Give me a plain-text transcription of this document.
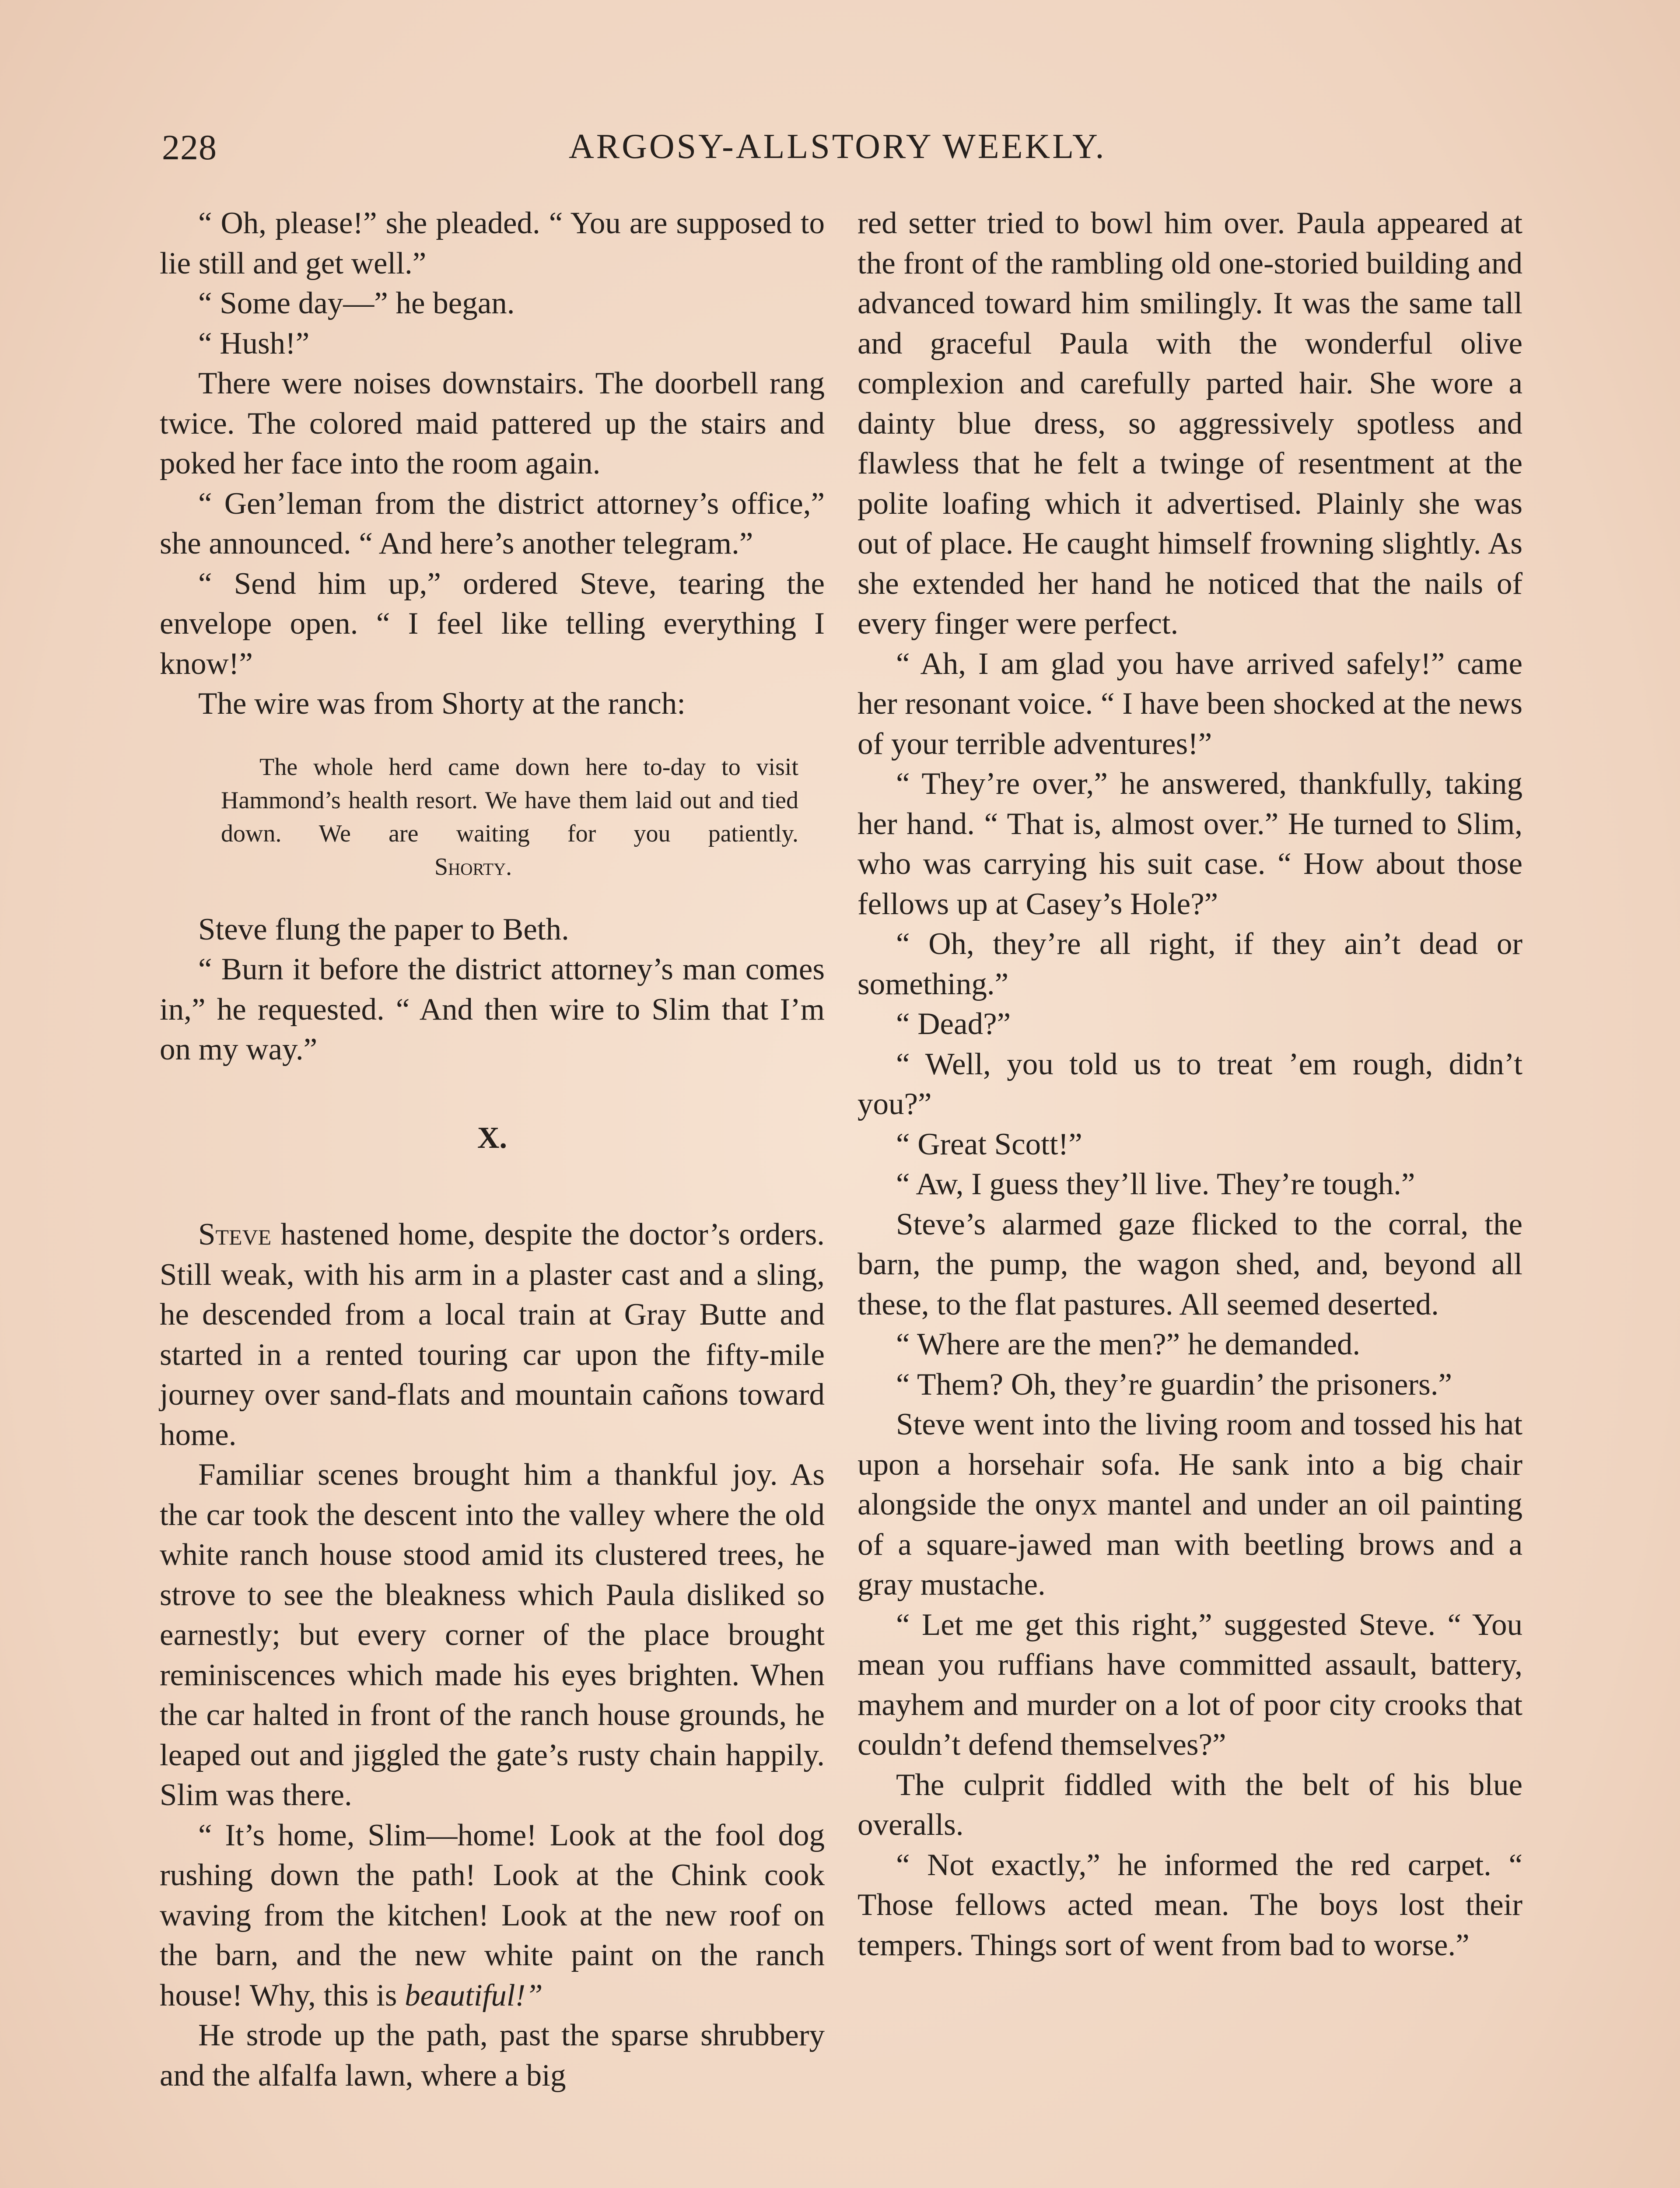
228	ARGOSY-ALLSTORY WEEKLY.

“ Oh, please!” she pleaded. “ You are supposed to lie still and get well.”

“ Some day—” he began.

“ Hush!”

There were noises downstairs. The doorbell rang twice. The colored maid pattered up the stairs and poked her face into the room again.

“ Gen’leman from the district attorney’s office,” she announced. “ And here’s another telegram.”

“ Send him up,” ordered Steve, tearing the envelope open. “ I feel like telling everything I know!”

The wire was from Shorty at the ranch:

The whole herd came down here to-day to visit Hammond’s health resort. We have them laid out and tied down. We are waiting for you patiently.Shorty.

Steve flung the paper to Beth.

“ Burn it before the district attorney’s man comes in,” he requested. “ And then wire to Slim that I’m on my way.”

X.

Steve hastened home, despite the doctor’s orders. Still weak, with his arm in a plaster cast and a sling, he descended from a local train at Gray Butte and started in a rented touring car upon the fifty-mile journey over sand-flats and mountain cañons toward home.

Familiar scenes brought him a thankful joy. As the car took the descent into the valley where the old white ranch house stood amid its clustered trees, he strove to see the bleakness which Paula disliked so earnestly; but every corner of the place brought reminiscences which made his eyes brighten. When the car halted in front of the ranch house grounds, he leaped out and jiggled the gate’s rusty chain happily. Slim was there.

“ It’s home, Slim—home! Look at the fool dog rushing down the path! Look at the Chink cook waving from the kitchen! Look at the new roof on the barn, and the new white paint on the ranch house! Why, this is beautiful!”

He strode up the path, past the sparse shrubbery and the alfalfa lawn, where a big

red setter tried to bowl him over. Paula appeared at the front of the rambling old one-storied building and advanced toward him smilingly. It was the same tall and graceful Paula with the wonderful olive complexion and carefully parted hair. She wore a dainty blue dress, so aggressively spotless and flawless that he felt a twinge of resentment at the polite loafing which it advertised. Plainly she was out of place. He caught himself frowning slightly. As she extended her hand he noticed that the nails of every finger were perfect.

“ Ah, I am glad you have arrived safely!” came her resonant voice. “ I have been shocked at the news of your terrible adventures!”

“ They’re over,” he answered, thankfully, taking her hand. “ That is, almost over.” He turned to Slim, who was carrying his suit case. “ How about those fellows up at Casey’s Hole?”

“ Oh, they’re all right, if they ain’t dead or something.”

“ Dead?”

“ Well, you told us to treat ’em rough, didn’t you?”

“ Great Scott!”

“ Aw, I guess they’ll live. They’re tough.”

Steve’s alarmed gaze flicked to the corral, the barn, the pump, the wagon shed, and, beyond all these, to the flat pastures. All seemed deserted.

“ Where are the men?” he demanded.

“ Them? Oh, they’re guardin’ the prisoners.”

Steve went into the living room and tossed his hat upon a horsehair sofa. He sank into a big chair alongside the onyx mantel and under an oil painting of a square-jawed man with beetling brows and a gray mustache.

“ Let me get this right,” suggested Steve. “ You mean you ruffians have committed assault, battery, mayhem and murder on a lot of poor city crooks that couldn’t defend themselves?”

The culprit fiddled with the belt of his blue overalls.

“ Not exactly,” he informed the red carpet. “ Those fellows acted mean. The boys lost their tempers. Things sort of went from bad to worse.”
